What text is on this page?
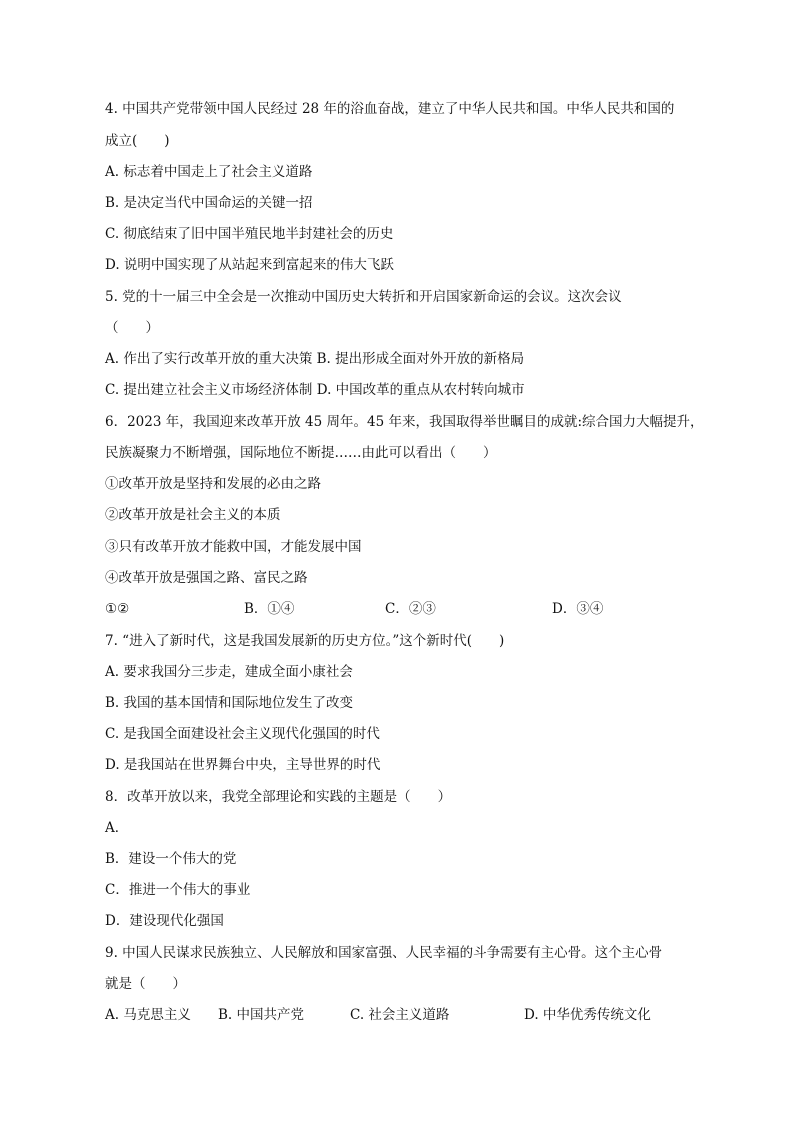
4. 中国共产党带领中国人民经过 28 年的浴血奋战，建立了中华人民共和国。中华人民共和国的
成立(　　)
A. 标志着中国走上了社会主义道路
B. 是决定当代中国命运的关键一招
C. 彻底结束了旧中国半殖民地半封建社会的历史
D. 说明中国实现了从站起来到富起来的伟大飞跃
5. 党的十一届三中全会是一次推动中国历史大转折和开启国家新命运的会议。这次会议
（　　）
A. 作出了实行改革开放的重大决策 B. 提出形成全面对外开放的新格局
C. 提出建立社会主义市场经济体制 D. 中国改革的重点从农村转向城市
6．2023 年，我国迎来改革开放 45 周年。45 年来，我国取得举世瞩目的成就:综合国力大幅提升，
民族凝聚力不断增强，国际地位不断提……由此可以看出（　　）
①改革开放是坚持和发展的必由之路
②改革开放是社会主义的本质
③只有改革开放才能救中国，才能发展中国
④改革开放是强国之路、富民之路
①②	B．①④	C．②③	D．③④
7. “进入了新时代，这是我国发展新的历史方位。”这个新时代(　　)
A. 要求我国分三步走，建成全面小康社会
B. 我国的基本国情和国际地位发生了改变
C. 是我国全面建设社会主义现代化强国的时代
D. 是我国站在世界舞台中央，主导世界的时代
8．改革开放以来，我党全部理论和实践的主题是（　　）
A．
B．建设一个伟大的党
C．推进一个伟大的事业
D．建设现代化强国
9. 中国人民谋求民族独立、人民解放和国家富强、人民幸福的斗争需要有主心骨。这个主心骨
就是（　　）
A. 马克思主义 B. 中国共产党	C. 社会主义道路	D. 中华优秀传统文化
